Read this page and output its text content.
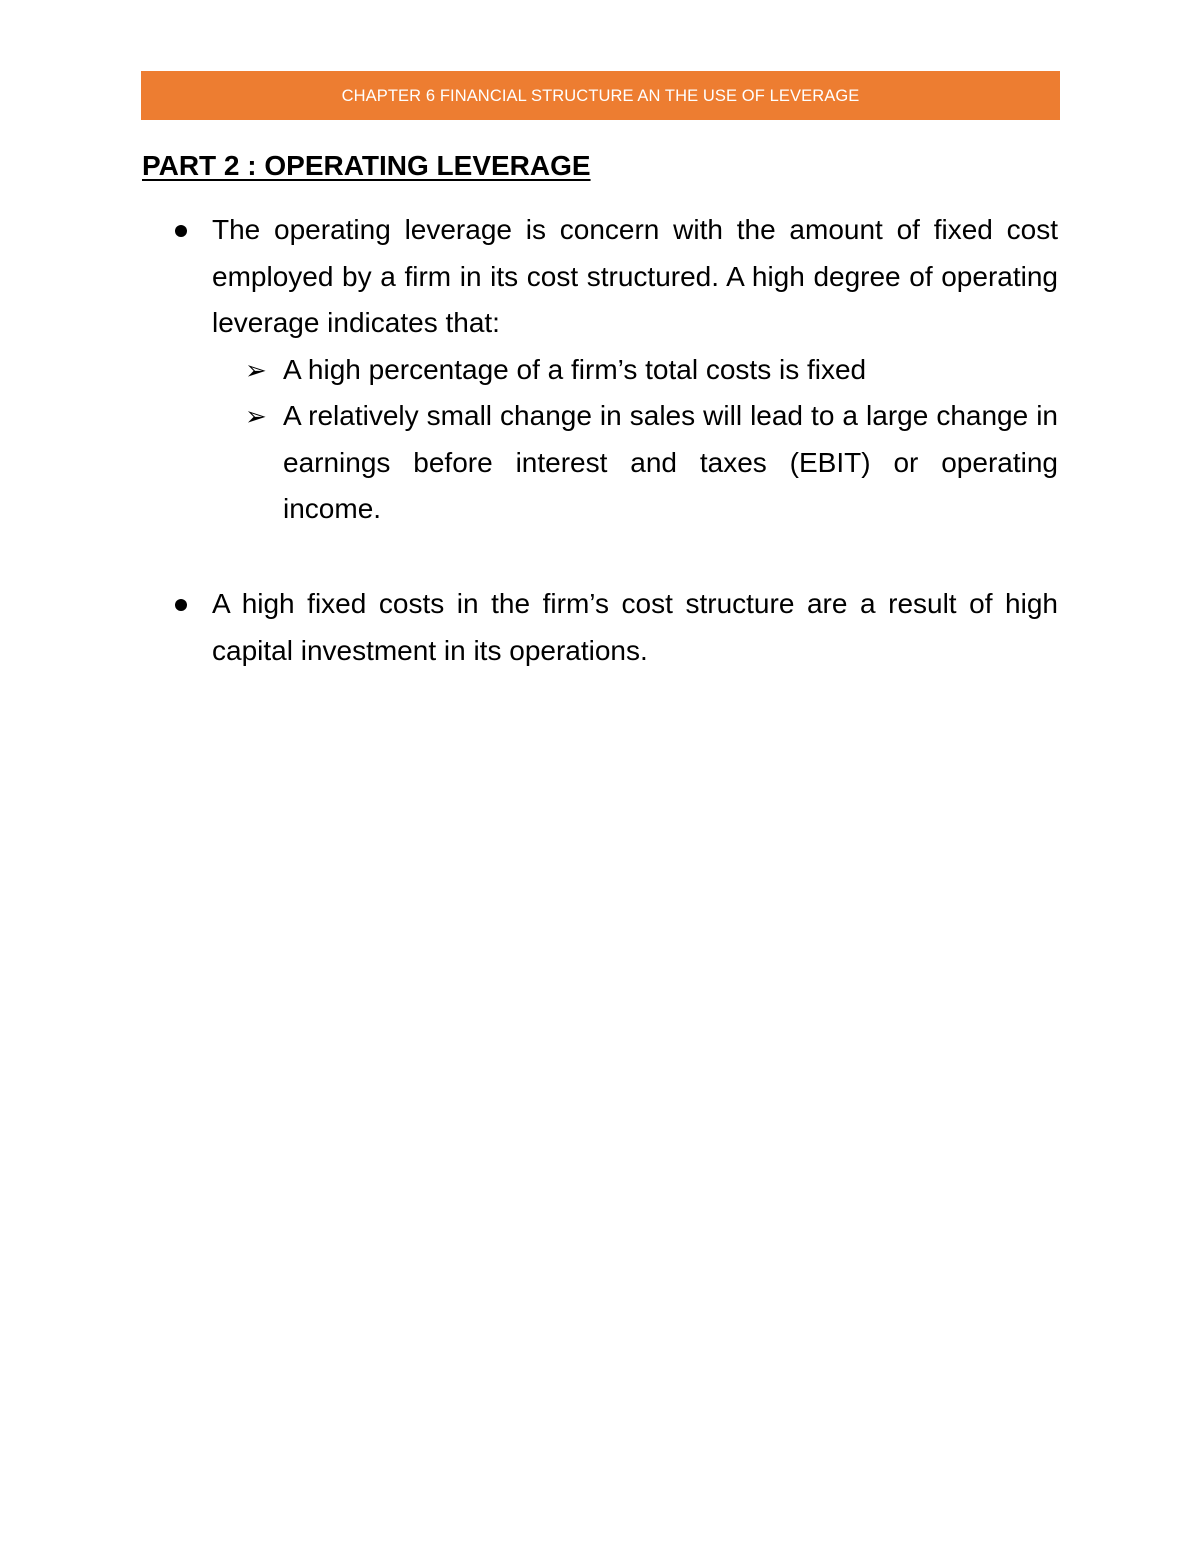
CHAPTER 6 FINANCIAL STRUCTURE AN THE USE OF LEVERAGE
PART 2 : OPERATING LEVERAGE

The operating leverage is concern with the amount of fixed cost employed by a firm in its cost structured. A high degree of operating leverage indicates that:

➢ A high percentage of a firm’s total costs is fixed
➢ A relatively small change in sales will lead to a large change in earnings before interest and taxes (EBIT) or operating income.

A high fixed costs in the firm’s cost structure are a result of high capital investment in its operations.
